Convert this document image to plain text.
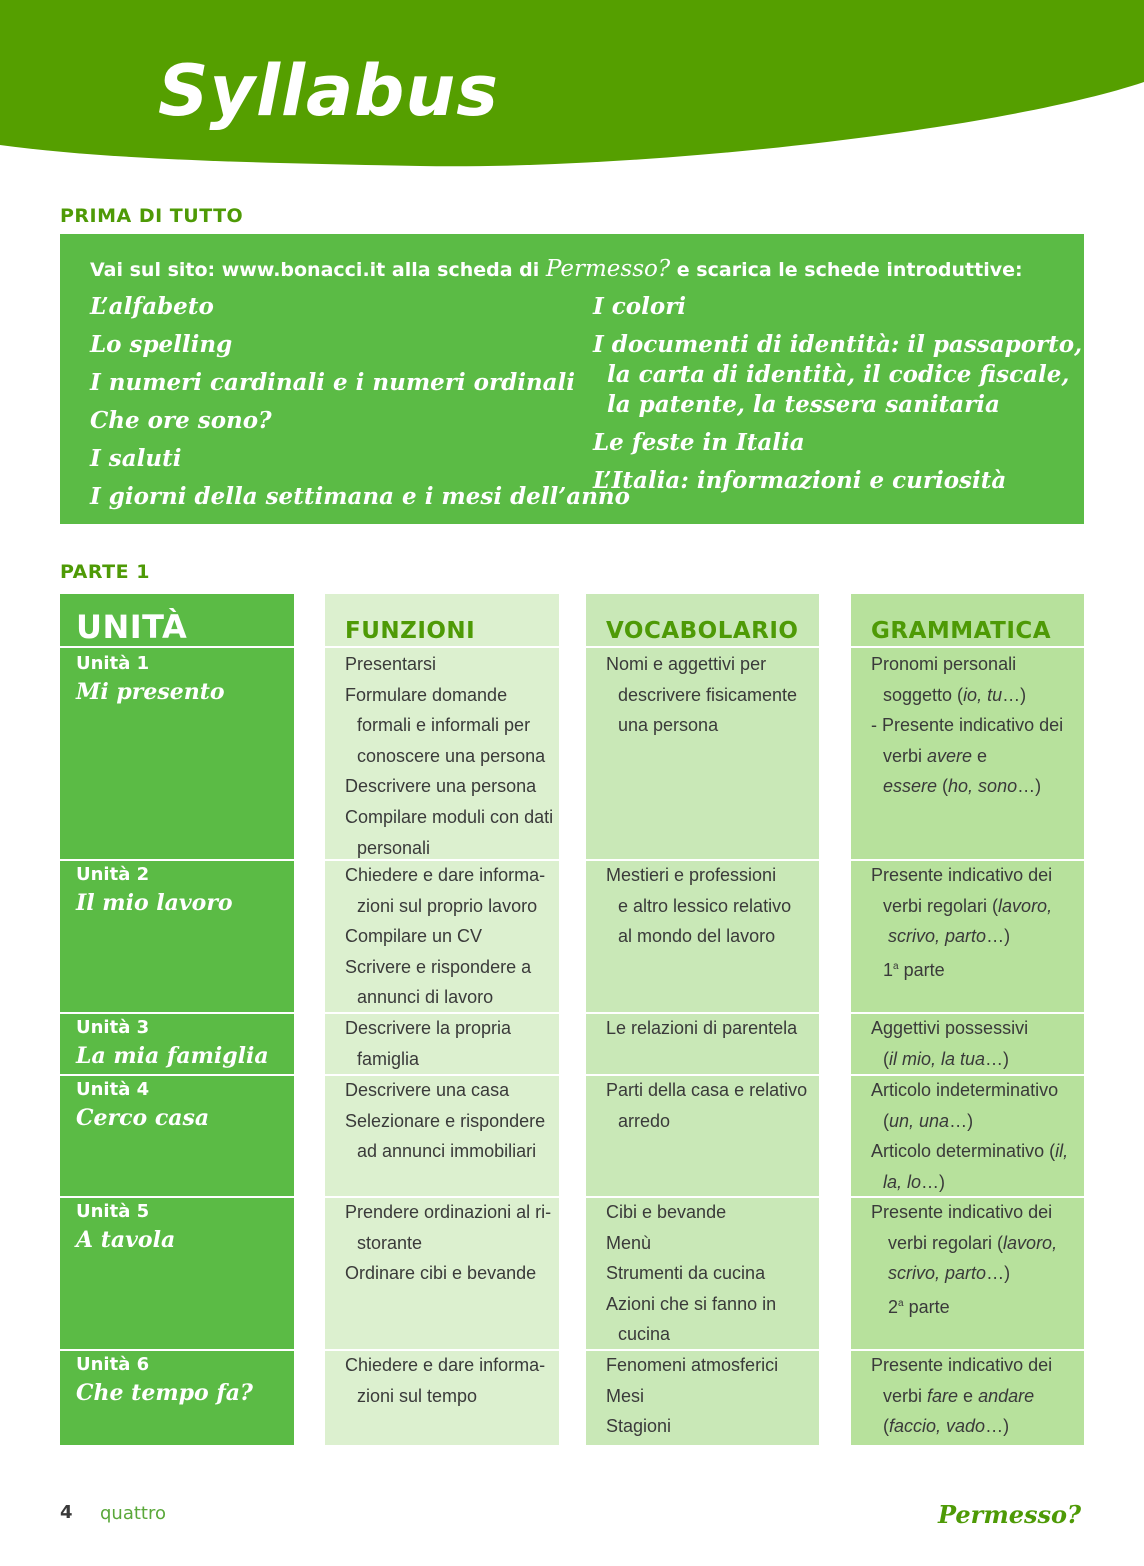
Syllabus
PRIMA DI TUTTO
Vai sul sito: www.bonacci.it alla scheda di Permesso? e scarica le schede introduttive:
L’alfabeto
Lo spelling
I numeri cardinali e i numeri ordinali
Che ore sono?
I saluti
I giorni della settimana e i mesi dell’anno
I colori
I documenti di identità: il passaporto,
la carta di identità, il codice fiscale,
la patente, la tessera sanitaria
Le feste in Italia
L’Italia: informazioni e curiosità
PARTE 1
UNITÀ
Unità 1
Mi presento
Unità 2
Il mio lavoro
Unità 3
La mia famiglia
Unità 4
Cerco casa
Unità 5
A tavola
Unità 6
Che tempo fa?
FUNZIONI
Presentarsi
Formulare domande
formali e informali per
conoscere una persona
Descrivere una persona
Compilare moduli con dati
personali
Chiedere e dare informa-
zioni sul proprio lavoro
Compilare un CV
Scrivere e rispondere a
annunci di lavoro
Descrivere la propria
famiglia
Descrivere una casa
Selezionare e rispondere
ad annunci immobiliari
Prendere ordinazioni al ri-
storante
Ordinare cibi e bevande
Chiedere e dare informa-
zioni sul tempo
VOCABOLARIO
Nomi e aggettivi per
descrivere fisicamente
una persona
Mestieri e professioni
e altro lessico relativo
al mondo del lavoro
Le relazioni di parentela
Parti della casa e relativo
arredo
Cibi e bevande
Menù
Strumenti da cucina
Azioni che si fanno in
cucina
Fenomeni atmosferici
Mesi
Stagioni
GRAMMATICA
Pronomi personali
soggetto (io, tu…)
- Presente indicativo dei
verbi avere e
essere (ho, sono…)
Presente indicativo dei
verbi regolari (lavoro,
scrivo, parto…)
1$^a$ parte
Aggettivi possessivi
(il mio, la tua…)
Articolo indeterminativo
(un, una…)
Articolo determinativo (il,
la, lo…)
Presente indicativo dei
verbi regolari (lavoro,
scrivo, parto…)
2$^a$ parte
Presente indicativo dei
verbi fare e andare
(faccio, vado…)
4 quattro	Permesso?
